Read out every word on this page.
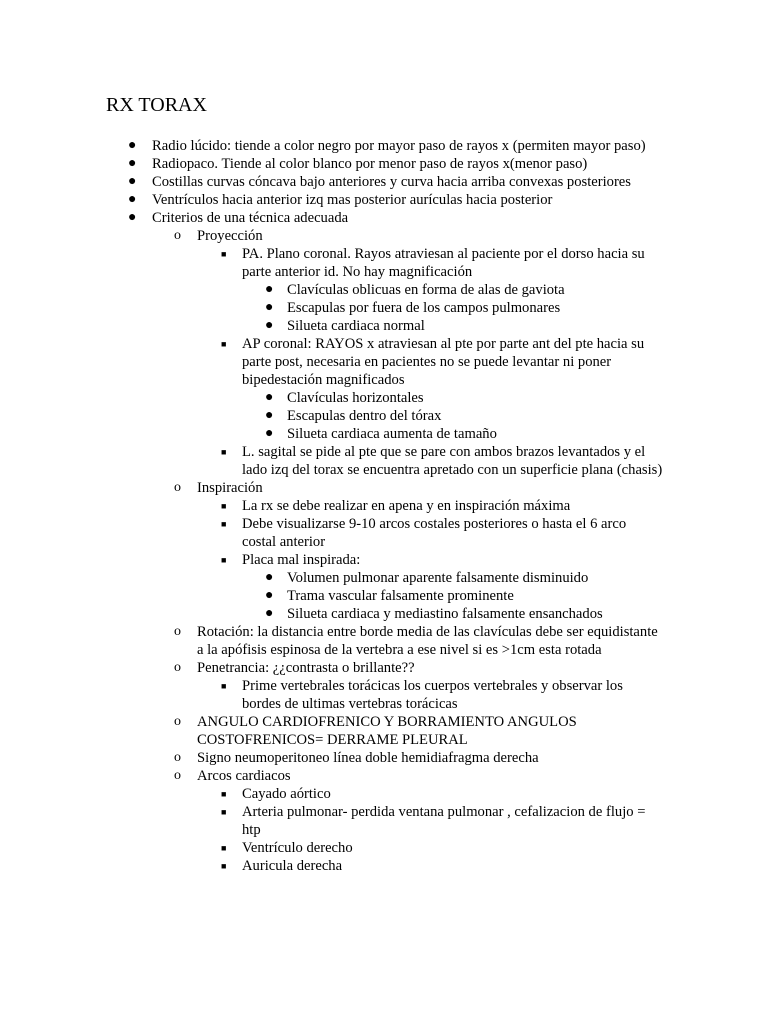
RX TORAX
● Radio lúcido: tiende a color negro por mayor paso de rayos x (permiten mayor paso)
● Radiopaco. Tiende al color blanco por menor paso de rayos x(menor paso)
● Costillas curvas cóncava bajo anteriores y curva hacia arriba convexas posteriores
● Ventrículos hacia anterior izq mas posterior aurículas hacia posterior
● Criterios de una técnica adecuada
o Proyección
■ PA. Plano coronal. Rayos atraviesan al paciente por el dorso hacia su parte anterior id. No hay magnificación
● Clavículas oblicuas en forma de alas de gaviota
● Escapulas por fuera de los campos pulmonares
● Silueta cardiaca normal
■ AP coronal: RAYOS x atraviesan al pte por parte ant del pte hacia su parte post, necesaria en pacientes no se puede levantar ni poner bipedestación magnificados
● Clavículas horizontales
● Escapulas dentro del tórax
● Silueta cardiaca aumenta de tamaño
■ L. sagital se pide al pte que se pare con ambos brazos levantados y el lado izq del torax se encuentra apretado con un superficie plana (chasis)
o Inspiración
■ La rx se debe realizar en apena y en inspiración máxima
■ Debe visualizarse 9-10 arcos costales posteriores o hasta el 6 arco costal anterior
■ Placa mal inspirada:
● Volumen pulmonar aparente falsamente disminuido
● Trama vascular falsamente prominente
● Silueta cardiaca y mediastino falsamente ensanchados
o Rotación: la distancia entre borde media de las clavículas debe ser equidistante a la apófisis espinosa de la vertebra a ese nivel si es >1cm esta rotada
o Penetrancia: ¿¿contrasta o brillante??
■ Prime vertebrales torácicas los cuerpos vertebrales y observar los bordes de ultimas vertebras torácicas
o ANGULO CARDIOFRENICO Y BORRAMIENTO ANGULOS COSTOFRENICOS= DERRAME PLEURAL
o Signo neumoperitoneo línea doble hemidiafragma derecha
o Arcos cardiacos
■ Cayado aórtico
■ Arteria pulmonar- perdida ventana pulmonar , cefalizacion de flujo = htp
■ Ventrículo derecho
■ Auricula derecha
